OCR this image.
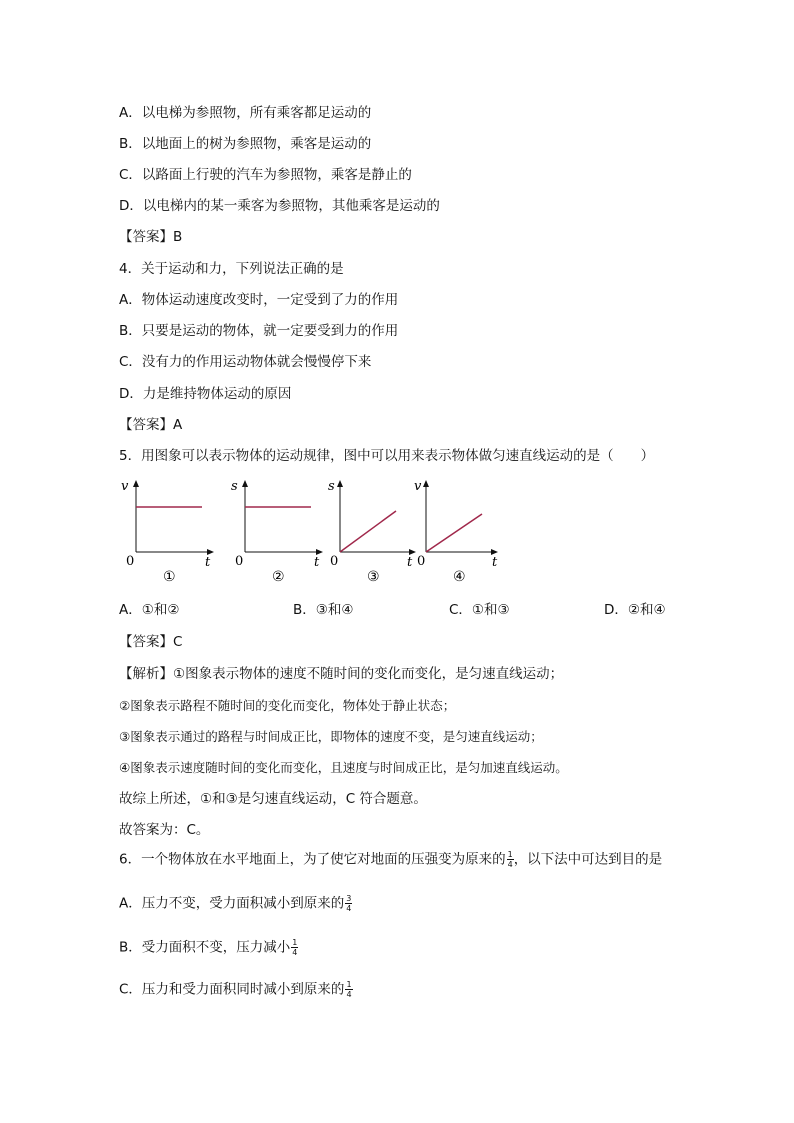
A．以电梯为参照物，所有乘客都足运动的
B．以地面上的树为参照物，乘客是运动的
C．以路面上行驶的汽车为参照物，乘客是静止的
D．以电梯内的某一乘客为参照物，其他乘客是运动的
【答案】B
4．关于运动和力，下列说法正确的是
A．物体运动速度改变时，一定受到了力的作用
B．只要是运动的物体，就一定要受到力的作用
C．没有力的作用运动物体就会慢慢停下来
D．力是维持物体运动的原因
【答案】A
5．用图象可以表示物体的运动规律，图中可以用来表示物体做匀速直线运动的是（　　）
v
0	t
①
s
0	t
②
s
0	t
③
v
0	t
④
A．①和②	B．③和④	C．①和③	D．②和④
【答案】C
【解析】①图象表示物体的速度不随时间的变化而变化，是匀速直线运动；
②图象表示路程不随时间的变化而变化，物体处于静止状态；
③图象表示通过的路程与时间成正比，即物体的速度不变，是匀速直线运动；
④图象表示速度随时间的变化而变化，且速度与时间成正比，是匀加速直线运动。
故综上所述，①和③是匀速直线运动，C 符合题意。
故答案为：C。
6．一个物体放在水平地面上，为了使它对地面的压强变为原来的 $\frac{1}{4}$ ，以下法中可达到目的是
A．压力不变，受力面积减小到原来的 $\frac{3}{4}$
B．受力面积不变，压力减小 $\frac{1}{4}$
C．压力和受力面积同时减小到原来的 $\frac{1}{4}$
